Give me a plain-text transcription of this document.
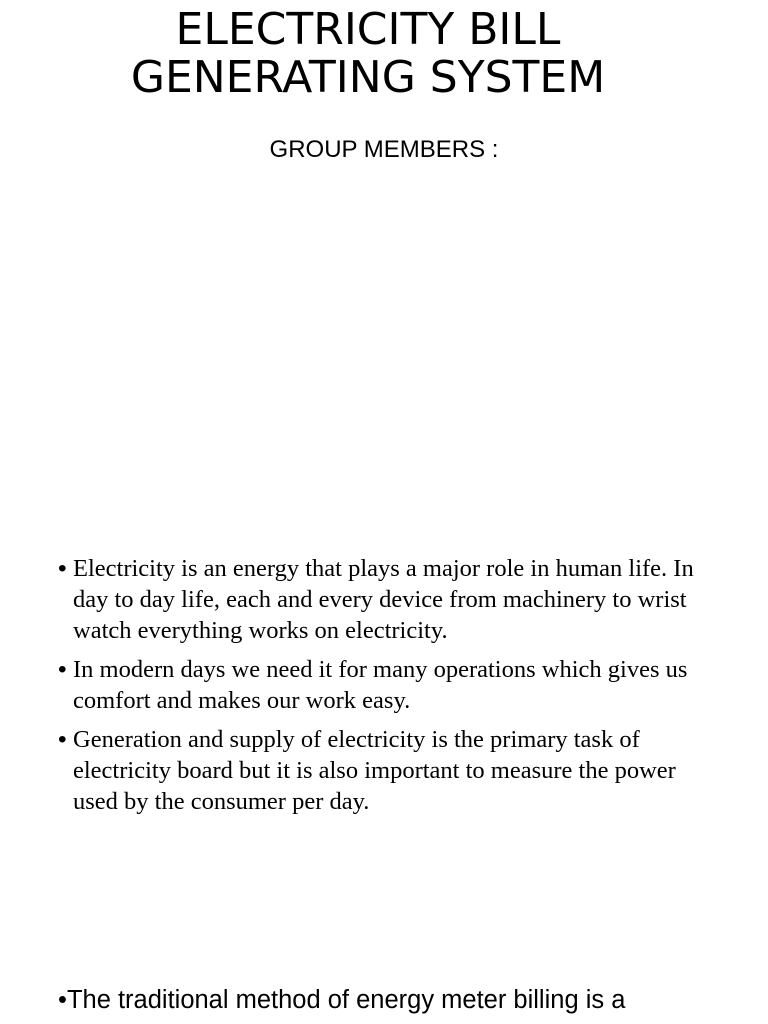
ELECTRICITY BILL
GENERATING SYSTEM

GROUP MEMBERS :

• Electricity is an energy that plays a major role in human life. In day to day life, each and every device from machinery to wrist watch everything works on electricity.
• In modern days we need it for many operations which gives us comfort and makes our work easy.
• Generation and supply of electricity is the primary task of electricity board but it is also important to measure the power used by the consumer per day.

•The traditional method of energy meter billing is a
